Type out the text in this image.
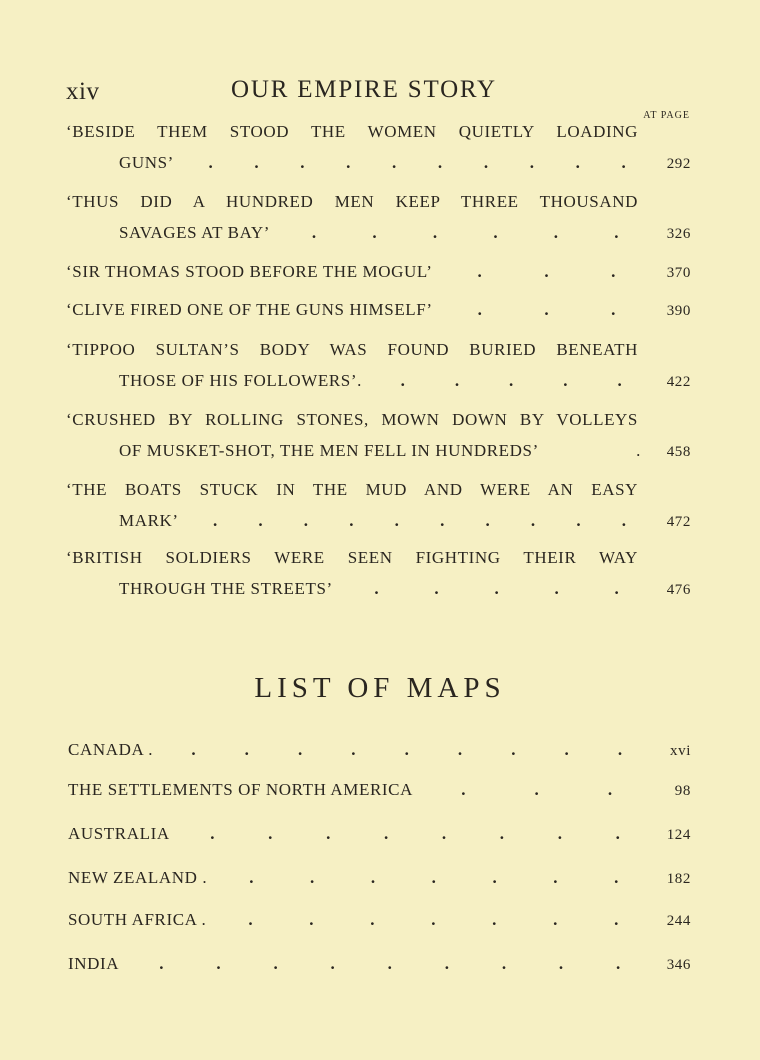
xiv	OUR EMPIRE STORY
AT PAGE
‘BESIDE THEM STOOD THE WOMEN QUIETLY LOADING
GUNS’ . . . . . . . . . .	292
‘THUS DID A HUNDRED MEN KEEP THREE THOUSAND
SAVAGES AT BAY’ .	.	.	.	.	.	326
‘SIR THOMAS STOOD BEFORE THE MOGUL’	.	.	.	370
‘CLIVE FIRED ONE OF THE GUNS HIMSELF’	.	.	.	390
‘TIPPOO SULTAN’S BODY WAS FOUND BURIED BENEATH
THOSE OF HIS FOLLOWERS’. .	.	.	.	.	422
‘CRUSHED BY ROLLING STONES, MOWN DOWN BY VOLLEYS
OF MUSKET-SHOT, THE MEN FELL IN HUNDREDS’	.	458
‘THE BOATS STUCK IN THE MUD AND WERE AN EASY
MARK’ . . . . . . . . . .	472
‘BRITISH SOLDIERS WERE SEEN FIGHTING THEIR WAY
THROUGH THE STREETS’ .	.	.	.	.	476
LIST OF MAPS
CANADA . .	.	.	.	.	.	.	.	.	xvi
THE SETTLEMENTS OF NORTH AMERICA	.	.	.	98
AUSTRALIA .	.	.	.	.	.	.	.	124
NEW ZEALAND . .	.	.	.	.	.	.	182
SOUTH AFRICA . .	.	.	.	.	.	.	244
INDIA .	.	.	.	.	.	.	.	.	346
